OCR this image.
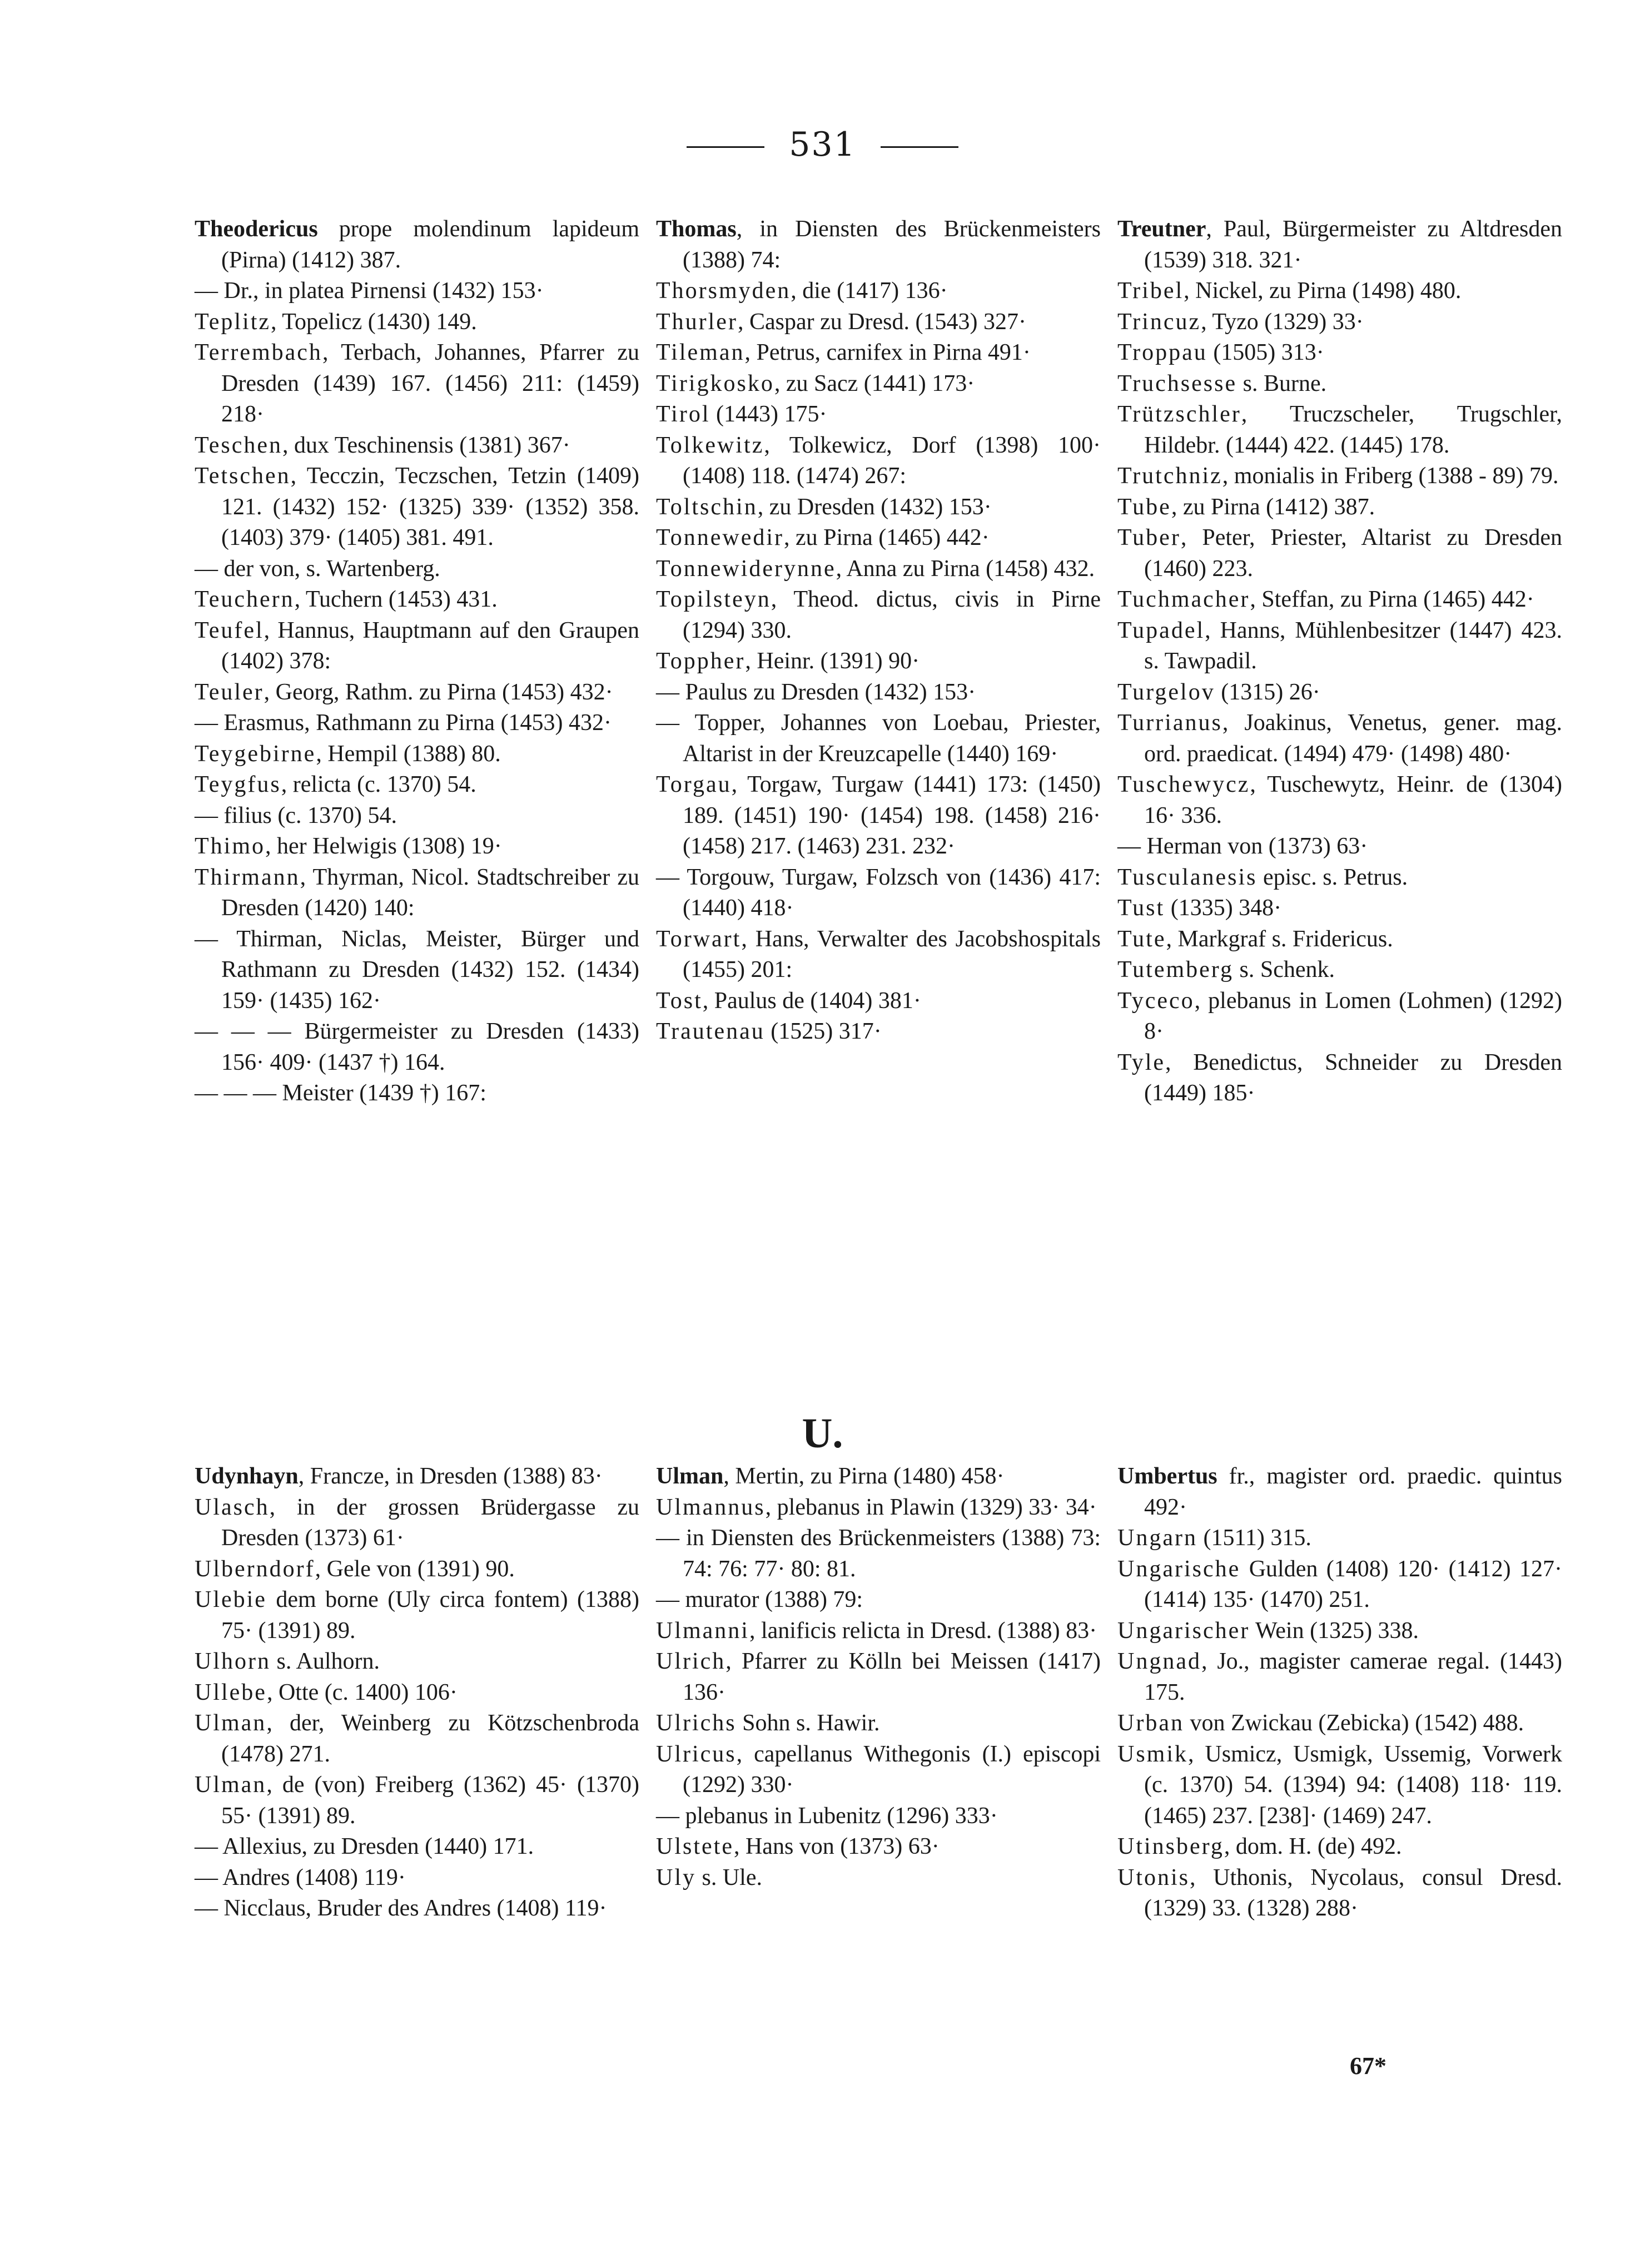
531
Theodericus prope molendinum lapideum (Pirna) (1412) 387.
— Dr., in platea Pirnensi (1432) 153·
Teplitz, Topelicz (1430) 149.
Terrembach, Terbach, Johannes, Pfarrer zu Dresden (1439) 167. (1456) 211: (1459) 218·
Teschen, dux Teschinensis (1381) 367·
Tetschen, Tecczin, Teczschen, Tetzin (1409) 121. (1432) 152· (1325) 339· (1352) 358. (1403) 379· (1405) 381. 491.
— der von, s. Wartenberg.
Teuchern, Tuchern (1453) 431.
Teufel, Hannus, Hauptmann auf den Graupen (1402) 378:
Teuler, Georg, Rathm. zu Pirna (1453) 432·
— Erasmus, Rathmann zu Pirna (1453) 432·
Teygebirne, Hempil (1388) 80.
Teygfus, relicta (c. 1370) 54.
— filius (c. 1370) 54.
Thimo, her Helwigis (1308) 19·
Thirmann, Thyrman, Nicol. Stadtschreiber zu Dresden (1420) 140:
— Thirman, Niclas, Meister, Bürger und Rathmann zu Dresden (1432) 152. (1434) 159· (1435) 162·
— — — Bürgermeister zu Dresden (1433) 156· 409· (1437 †) 164.
— — — Meister (1439 †) 167:
Thomas, in Diensten des Brückenmeisters (1388) 74:
Thorsmyden, die (1417) 136·
Thurler, Caspar zu Dresd. (1543) 327·
Tileman, Petrus, carnifex in Pirna 491·
Tirigkosko, zu Sacz (1441) 173·
Tirol (1443) 175·
Tolkewitz, Tolkewicz, Dorf (1398) 100· (1408) 118. (1474) 267:
Toltschin, zu Dresden (1432) 153·
Tonnewedir, zu Pirna (1465) 442·
Tonnewiderynne, Anna zu Pirna (1458) 432.
Topilsteyn, Theod. dictus, civis in Pirne (1294) 330.
Toppher, Heinr. (1391) 90·
— Paulus zu Dresden (1432) 153·
— Topper, Johannes von Loebau, Priester, Altarist in der Kreuzcapelle (1440) 169·
Torgau, Torgaw, Turgaw (1441) 173: (1450) 189. (1451) 190· (1454) 198. (1458) 216· (1458) 217. (1463) 231. 232·
— Torgouw, Turgaw, Folzsch von (1436) 417: (1440) 418·
Torwart, Hans, Verwalter des Jacobshospitals (1455) 201:
Tost, Paulus de (1404) 381·
Trautenau (1525) 317·
Treutner, Paul, Bürgermeister zu Altdresden (1539) 318. 321·
Tribel, Nickel, zu Pirna (1498) 480.
Trincuz, Tyzo (1329) 33·
Troppau (1505) 313·
Truchsesse s. Burne.
Trützschler, Truczscheler, Trugschler, Hildebr. (1444) 422. (1445) 178.
Trutchniz, monialis in Friberg (1388 - 89) 79.
Tube, zu Pirna (1412) 387.
Tuber, Peter, Priester, Altarist zu Dresden (1460) 223.
Tuchmacher, Steffan, zu Pirna (1465) 442·
Tupadel, Hanns, Mühlenbesitzer (1447) 423. s. Tawpadil.
Turgelov (1315) 26·
Turrianus, Joakinus, Venetus, gener. mag. ord. praedicat. (1494) 479· (1498) 480·
Tuschewycz, Tuschewytz, Heinr. de (1304) 16· 336.
— Herman von (1373) 63·
Tusculanesis episc. s. Petrus.
Tust (1335) 348·
Tute, Markgraf s. Fridericus.
Tutemberg s. Schenk.
Tyceco, plebanus in Lomen (Lohmen) (1292) 8·
Tyle, Benedictus, Schneider zu Dresden (1449) 185·
U.
Udynhayn, Francze, in Dresden (1388) 83·
Ulasch, in der grossen Brüdergasse zu Dresden (1373) 61·
Ulberndorf, Gele von (1391) 90.
Ulebie dem borne (Uly circa fontem) (1388) 75· (1391) 89.
Ulhorn s. Aulhorn.
Ullebe, Otte (c. 1400) 106·
Ulman, der, Weinberg zu Kötzschenbroda (1478) 271.
Ulman, de (von) Freiberg (1362) 45· (1370) 55· (1391) 89.
— Allexius, zu Dresden (1440) 171.
— Andres (1408) 119·
— Nicclaus, Bruder des Andres (1408) 119·
Ulman, Mertin, zu Pirna (1480) 458·
Ulmannus, plebanus in Plawin (1329) 33· 34·
— in Diensten des Brückenmeisters (1388) 73: 74: 76: 77· 80: 81.
— murator (1388) 79:
Ulmanni, lanificis relicta in Dresd. (1388) 83·
Ulrich, Pfarrer zu Kölln bei Meissen (1417) 136·
Ulrichs Sohn s. Hawir.
Ulricus, capellanus Withegonis (I.) episcopi (1292) 330·
— plebanus in Lubenitz (1296) 333·
Ulstete, Hans von (1373) 63·
Uly s. Ule.
Umbertus fr., magister ord. praedic. quintus 492·
Ungarn (1511) 315.
Ungarische Gulden (1408) 120· (1412) 127· (1414) 135· (1470) 251.
Ungarischer Wein (1325) 338.
Ungnad, Jo., magister camerae regal. (1443) 175.
Urban von Zwickau (Zebicka) (1542) 488.
Usmik, Usmicz, Usmigk, Ussemig, Vorwerk (c. 1370) 54. (1394) 94: (1408) 118· 119. (1465) 237. [238]· (1469) 247.
Utinsberg, dom. H. (de) 492.
Utonis, Uthonis, Nycolaus, consul Dresd. (1329) 33. (1328) 288·
67*
